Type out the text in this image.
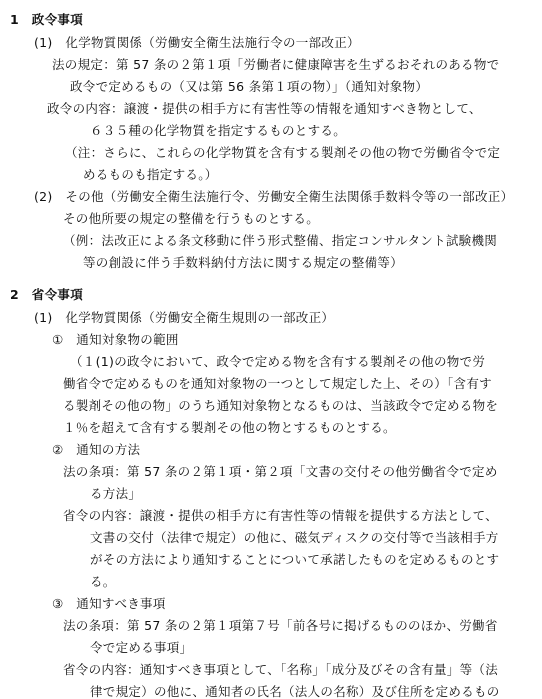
1　政令事項
(1)　化学物質関係（労働安全衛生法施行令の一部改正）
法の規定：第 57 条の２第１項「労働者に健康障害を生ずるおそれのある物で
政令で定めるもの（又は第 56 条第１項の物）」（通知対象物）
政令の内容：譲渡・提供の相手方に有害性等の情報を通知すべき物として、
６３５種の化学物質を指定するものとする。
（注：さらに、これらの化学物質を含有する製剤その他の物で労働省令で定
めるものも指定する。）
(2)　その他（労働安全衛生法施行令、労働安全衛生法関係手数料令等の一部改正）
その他所要の規定の整備を行うものとする。
（例：法改正による条文移動に伴う形式整備、指定コンサルタント試験機関
等の創設に伴う手数料納付方法に関する規定の整備等）
2　省令事項
(1)　化学物質関係（労働安全衛生規則の一部改正）
①　通知対象物の範囲
（１(1)の政令において、政令で定める物を含有する製剤その他の物で労
働省令で定めるものを通知対象物の一つとして規定した上、その）「含有す
る製剤その他の物」のうち通知対象物となるものは、当該政令で定める物を
１％を超えて含有する製剤その他の物とするものとする。
②　通知の方法
法の条項：第 57 条の２第１項・第２項「文書の交付その他労働省令で定め
る方法」
省令の内容：譲渡・提供の相手方に有害性等の情報を提供する方法として、
文書の交付（法律で規定）の他に、磁気ディスクの交付等で当該相手方
がその方法により通知することについて承諾したものを定めるものとす
る。
③　通知すべき事項
法の条項：第 57 条の２第１項第７号「前各号に掲げるもののほか、労働省
令で定める事項」
省令の内容：通知すべき事項として、「名称」「成分及びその含有量」等（法
律で規定）の他に、通知者の氏名（法人の名称）及び住所を定めるもの
